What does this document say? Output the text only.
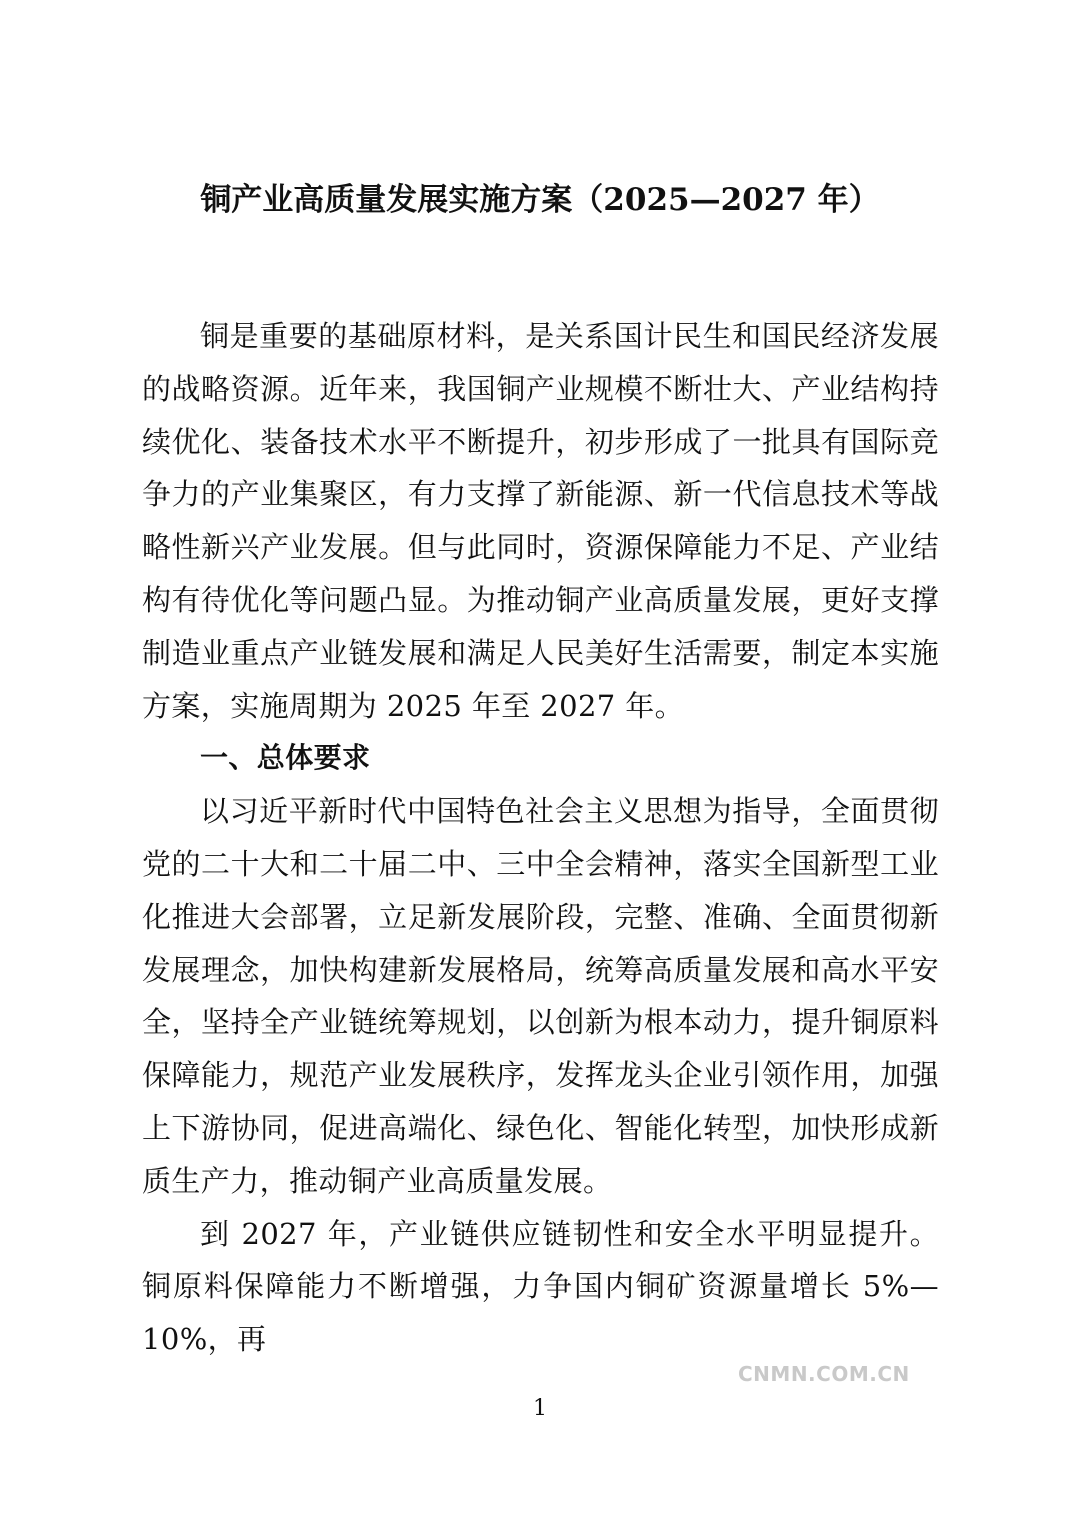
铜产业高质量发展实施方案（2025—2027 年）

铜是重要的基础原材料，是关系国计民生和国民经济发展的战略资源。近年来，我国铜产业规模不断壮大、产业结构持续优化、装备技术水平不断提升，初步形成了一批具有国际竞争力的产业集聚区，有力支撑了新能源、新一代信息技术等战略性新兴产业发展。但与此同时，资源保障能力不足、产业结构有待优化等问题凸显。为推动铜产业高质量发展，更好支撑制造业重点产业链发展和满足人民美好生活需要，制定本实施方案，实施周期为 2025 年至 2027 年。

一、总体要求

以习近平新时代中国特色社会主义思想为指导，全面贯彻党的二十大和二十届二中、三中全会精神，落实全国新型工业化推进大会部署，立足新发展阶段，完整、准确、全面贯彻新发展理念，加快构建新发展格局，统筹高质量发展和高水平安全，坚持全产业链统筹规划，以创新为根本动力，提升铜原料保障能力，规范产业发展秩序，发挥龙头企业引领作用，加强上下游协同，促进高端化、绿色化、智能化转型，加快形成新质生产力，推动铜产业高质量发展。

到 2027 年，产业链供应链韧性和安全水平明显提升。铜原料保障能力不断增强，力争国内铜矿资源量增长 5%—10%，再

CNMN.COM.CN
1
